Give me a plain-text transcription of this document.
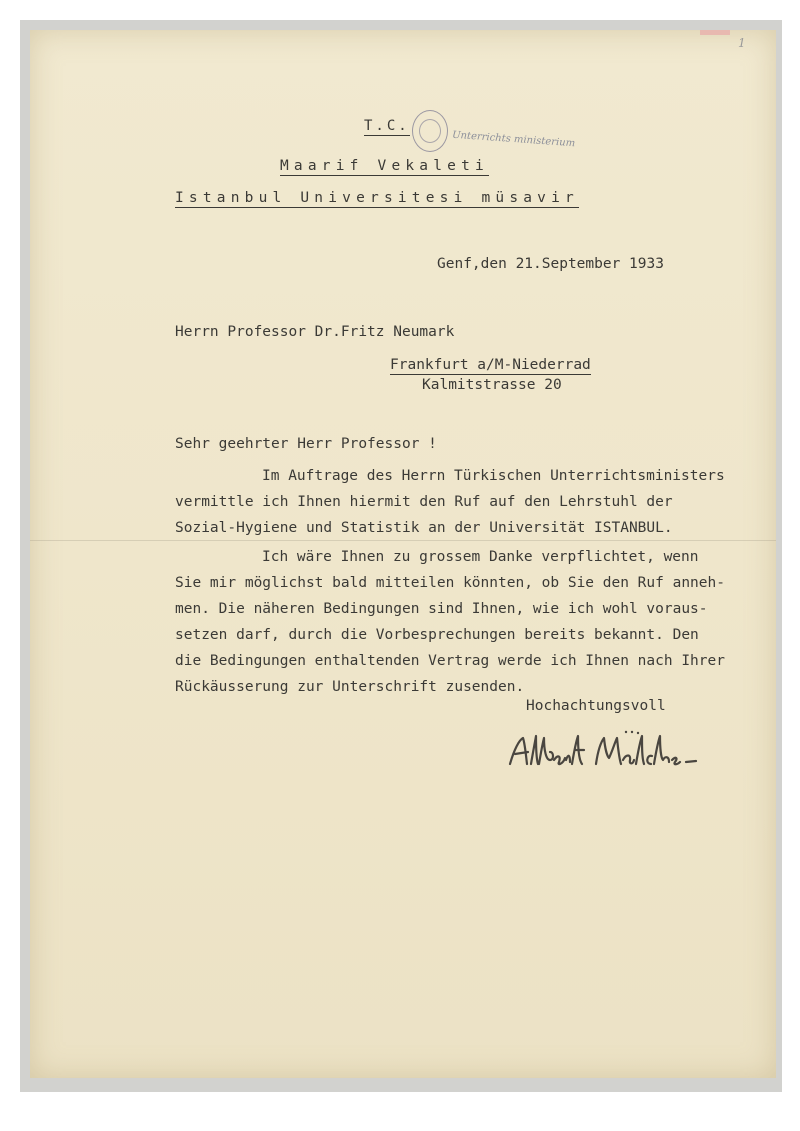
1
T.C.
Maarif Vekaleti
Istanbul Universitesi müsavir
Unterrichts ministerium
Genf,den 21.September 1933
Herrn Professor Dr.Fritz Neumark
Frankfurt a/M-Niederrad
Kalmitstrasse 20
Sehr geehrter Herr Professor !
Im Auftrage des Herrn Türkischen Unterrichtsministers
vermittle ich Ihnen hiermit den Ruf auf den Lehrstuhl der
Sozial-Hygiene und Statistik an der Universität ISTANBUL.
Ich wäre Ihnen zu grossem Danke verpflichtet, wenn
Sie mir möglichst bald mitteilen könnten, ob Sie den Ruf anneh-
men. Die näheren Bedingungen sind Ihnen, wie ich wohl voraus-
setzen darf, durch die Vorbesprechungen bereits bekannt. Den
die Bedingungen enthaltenden Vertrag werde ich Ihnen nach Ihrer
Rückäusserung zur Unterschrift zusenden.
Hochachtungsvoll
